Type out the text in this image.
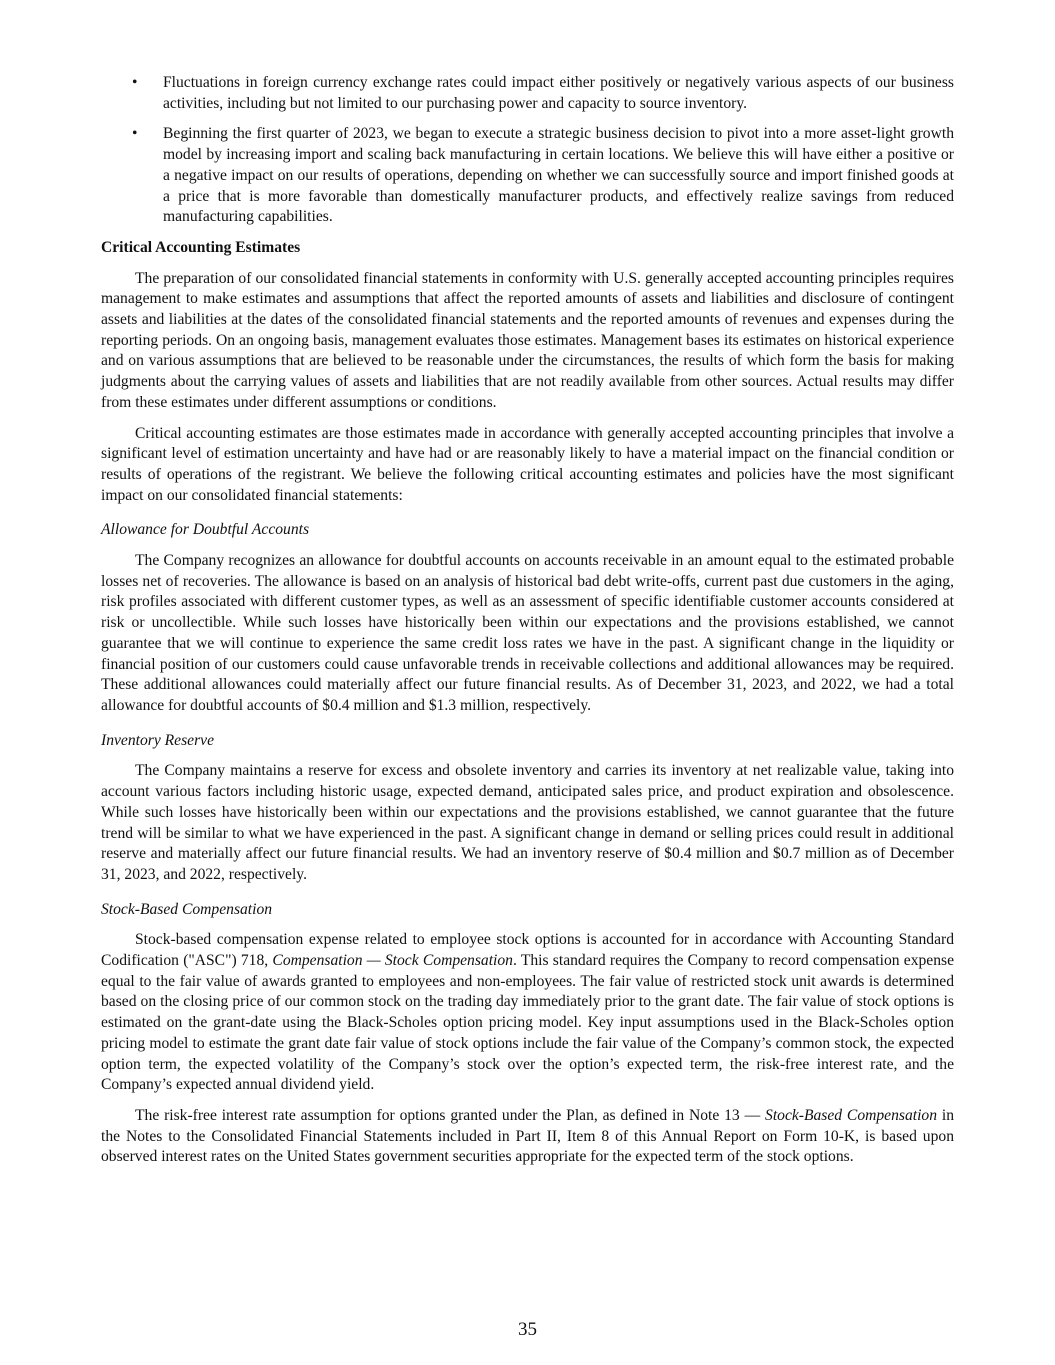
• Fluctuations in foreign currency exchange rates could impact either positively or negatively various aspects of our business activities, including but not limited to our purchasing power and capacity to source inventory.
• Beginning the first quarter of 2023, we began to execute a strategic business decision to pivot into a more asset-light growth model by increasing import and scaling back manufacturing in certain locations. We believe this will have either a positive or a negative impact on our results of operations, depending on whether we can successfully source and import finished goods at a price that is more favorable than domestically manufacturer products, and effectively realize savings from reduced manufacturing capabilities.
Critical Accounting Estimates

The preparation of our consolidated financial statements in conformity with U.S. generally accepted accounting principles requires management to make estimates and assumptions that affect the reported amounts of assets and liabilities and disclosure of contingent assets and liabilities at the dates of the consolidated financial statements and the reported amounts of revenues and expenses during the reporting periods. On an ongoing basis, management evaluates those estimates. Management bases its estimates on historical experience and on various assumptions that are believed to be reasonable under the circumstances, the results of which form the basis for making judgments about the carrying values of assets and liabilities that are not readily available from other sources. Actual results may differ from these estimates under different assumptions or conditions.

Critical accounting estimates are those estimates made in accordance with generally accepted accounting principles that involve a significant level of estimation uncertainty and have had or are reasonably likely to have a material impact on the financial condition or results of operations of the registrant. We believe the following critical accounting estimates and policies have the most significant impact on our consolidated financial statements:

Allowance for Doubtful Accounts

The Company recognizes an allowance for doubtful accounts on accounts receivable in an amount equal to the estimated probable losses net of recoveries. The allowance is based on an analysis of historical bad debt write-offs, current past due customers in the aging, risk profiles associated with different customer types, as well as an assessment of specific identifiable customer accounts considered at risk or uncollectible. While such losses have historically been within our expectations and the provisions established, we cannot guarantee that we will continue to experience the same credit loss rates we have in the past. A significant change in the liquidity or financial position of our customers could cause unfavorable trends in receivable collections and additional allowances may be required. These additional allowances could materially affect our future financial results. As of December 31, 2023, and 2022, we had a total allowance for doubtful accounts of $0.4 million and $1.3 million, respectively.

Inventory Reserve

The Company maintains a reserve for excess and obsolete inventory and carries its inventory at net realizable value, taking into account various factors including historic usage, expected demand, anticipated sales price, and product expiration and obsolescence. While such losses have historically been within our expectations and the provisions established, we cannot guarantee that the future trend will be similar to what we have experienced in the past. A significant change in demand or selling prices could result in additional reserve and materially affect our future financial results. We had an inventory reserve of $0.4 million and $0.7 million as of December 31, 2023, and 2022, respectively.

Stock-Based Compensation

Stock-based compensation expense related to employee stock options is accounted for in accordance with Accounting Standard Codification ("ASC") 718, Compensation — Stock Compensation. This standard requires the Company to record compensation expense equal to the fair value of awards granted to employees and non-employees. The fair value of restricted stock unit awards is determined based on the closing price of our common stock on the trading day immediately prior to the grant date. The fair value of stock options is estimated on the grant-date using the Black-Scholes option pricing model. Key input assumptions used in the Black-Scholes option pricing model to estimate the grant date fair value of stock options include the fair value of the Company’s common stock, the expected option term, the expected volatility of the Company’s stock over the option’s expected term, the risk-free interest rate, and the Company’s expected annual dividend yield.

The risk-free interest rate assumption for options granted under the Plan, as defined in Note 13 — Stock-Based Compensation in the Notes to the Consolidated Financial Statements included in Part II, Item 8 of this Annual Report on Form 10-K, is based upon observed interest rates on the United States government securities appropriate for the expected term of the stock options.

35
